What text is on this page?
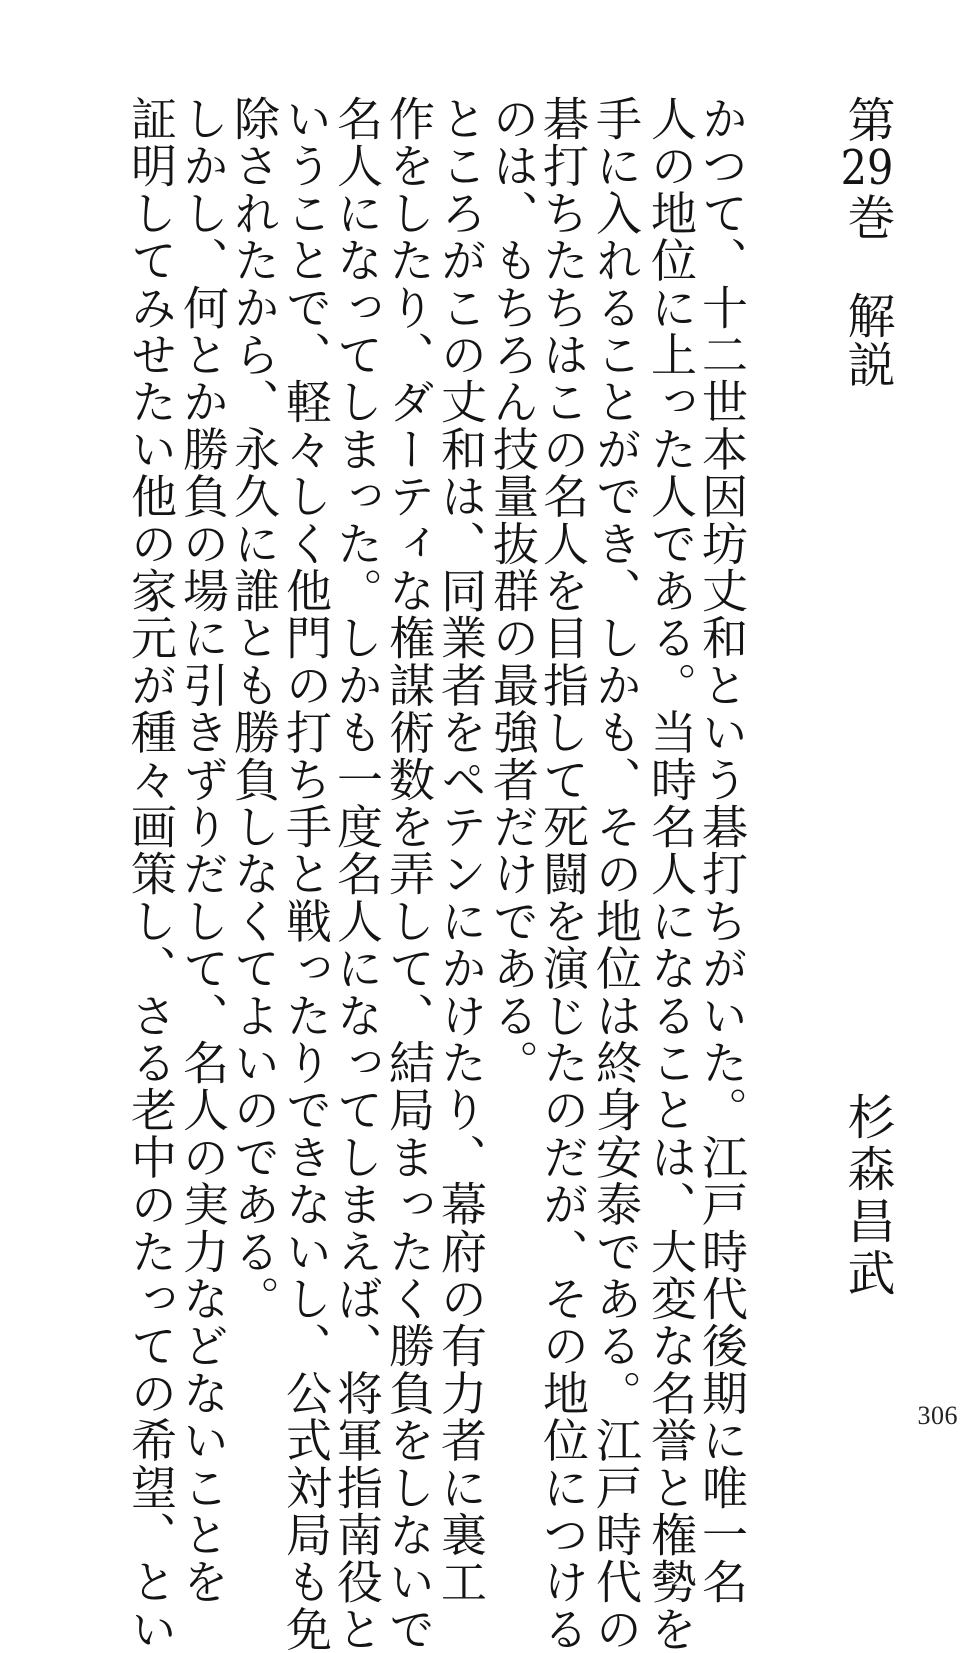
第29巻　解説
杉森昌武
かつて、十二世本因坊丈和という碁打ちがいた。江戸時代後期に唯一名
人の地位に上った人である。当時名人になることは、大変な名誉と権勢を
手に入れることができ、しかも、その地位は終身安泰である。江戸時代の
碁打ちたちはこの名人を目指して死闘を演じたのだが、その地位につける
のは、もちろん技量抜群の最強者だけである。
ところがこの丈和は、同業者をペテンにかけたり、幕府の有力者に裏工
作をしたり、ダーティな権謀術数を弄して、結局まったく勝負をしないで
名人になってしまった。しかも一度名人になってしまえば、将軍指南役と
いうことで、軽々しく他門の打ち手と戦ったりできないし、公式対局も免
除されたから、永久に誰とも勝負しなくてよいのである。
しかし、何とか勝負の場に引きずりだして、名人の実力などないことを
証明してみせたい他の家元が種々画策し、さる老中のたっての希望、とい	306
